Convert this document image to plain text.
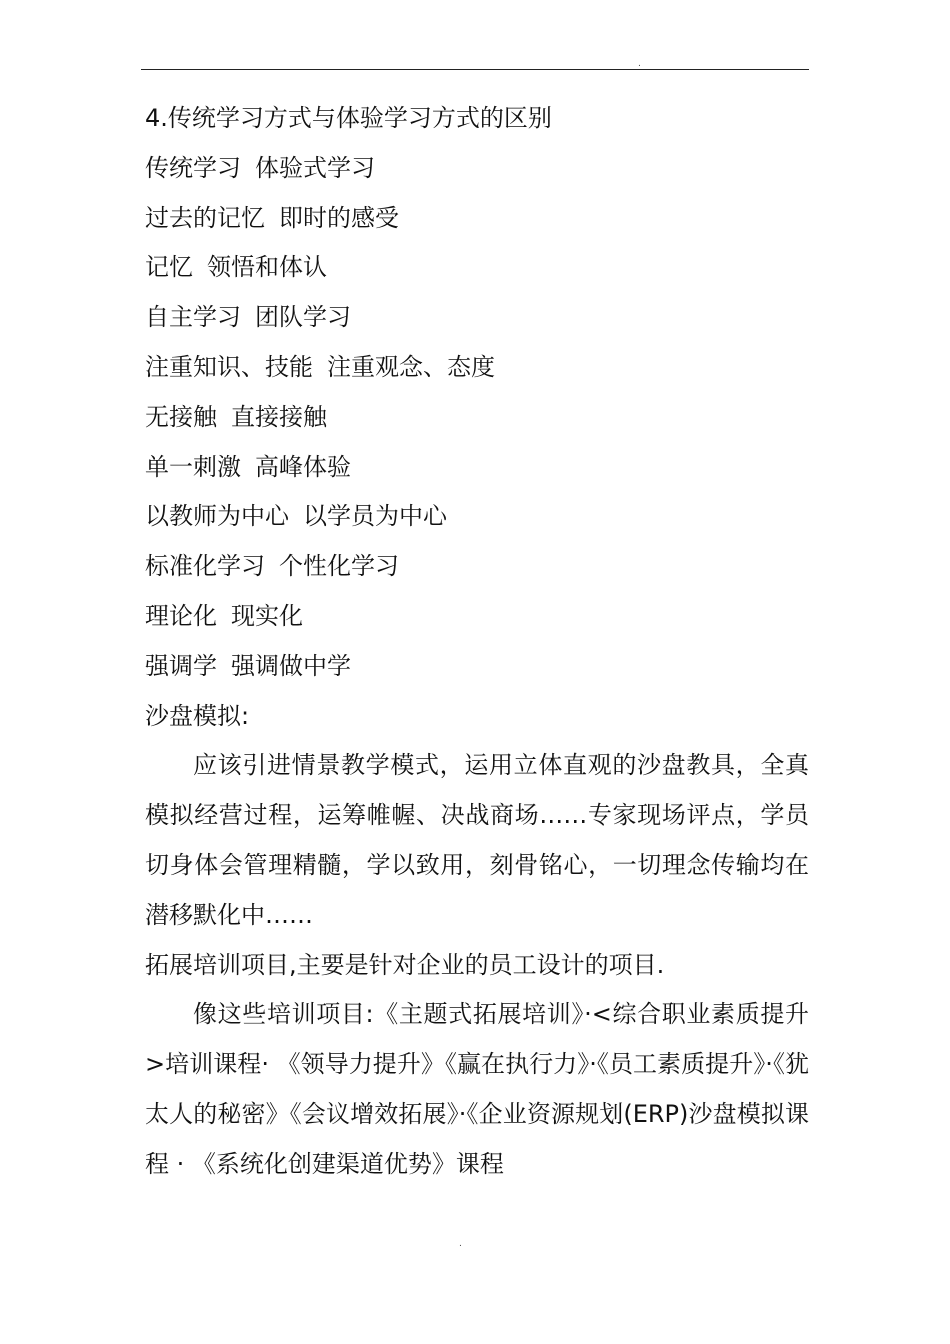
.
4.传统学习方式与体验学习方式的区别
传统学习 体验式学习
过去的记忆 即时的感受
记忆 领悟和体认
自主学习 团队学习
注重知识、技能 注重观念、态度
无接触 直接接触
单一刺激 高峰体验
以教师为中心 以学员为中心
标准化学习 个性化学习
理论化 现实化
强调学 强调做中学
沙盘模拟:
应该引进情景教学模式，运用立体直观的沙盘教具，全真模拟经营过程，运筹帷幄、决战商场……专家现场评点，学员切身体会管理精髓，学以致用，刻骨铭心，一切理念传输均在潜移默化中……
拓展培训项目,主要是针对企业的员工设计的项目.
像这些培训项目:《主题式拓展培训》·<综合职业素质提升>培训课程· 《领导力提升》《赢在执行力》·《员工素质提升》·《犹太人的秘密》《会议增效拓展》·《企业资源规划(ERP)沙盘模拟课程 · 《系统化创建渠道优势》课程
.
